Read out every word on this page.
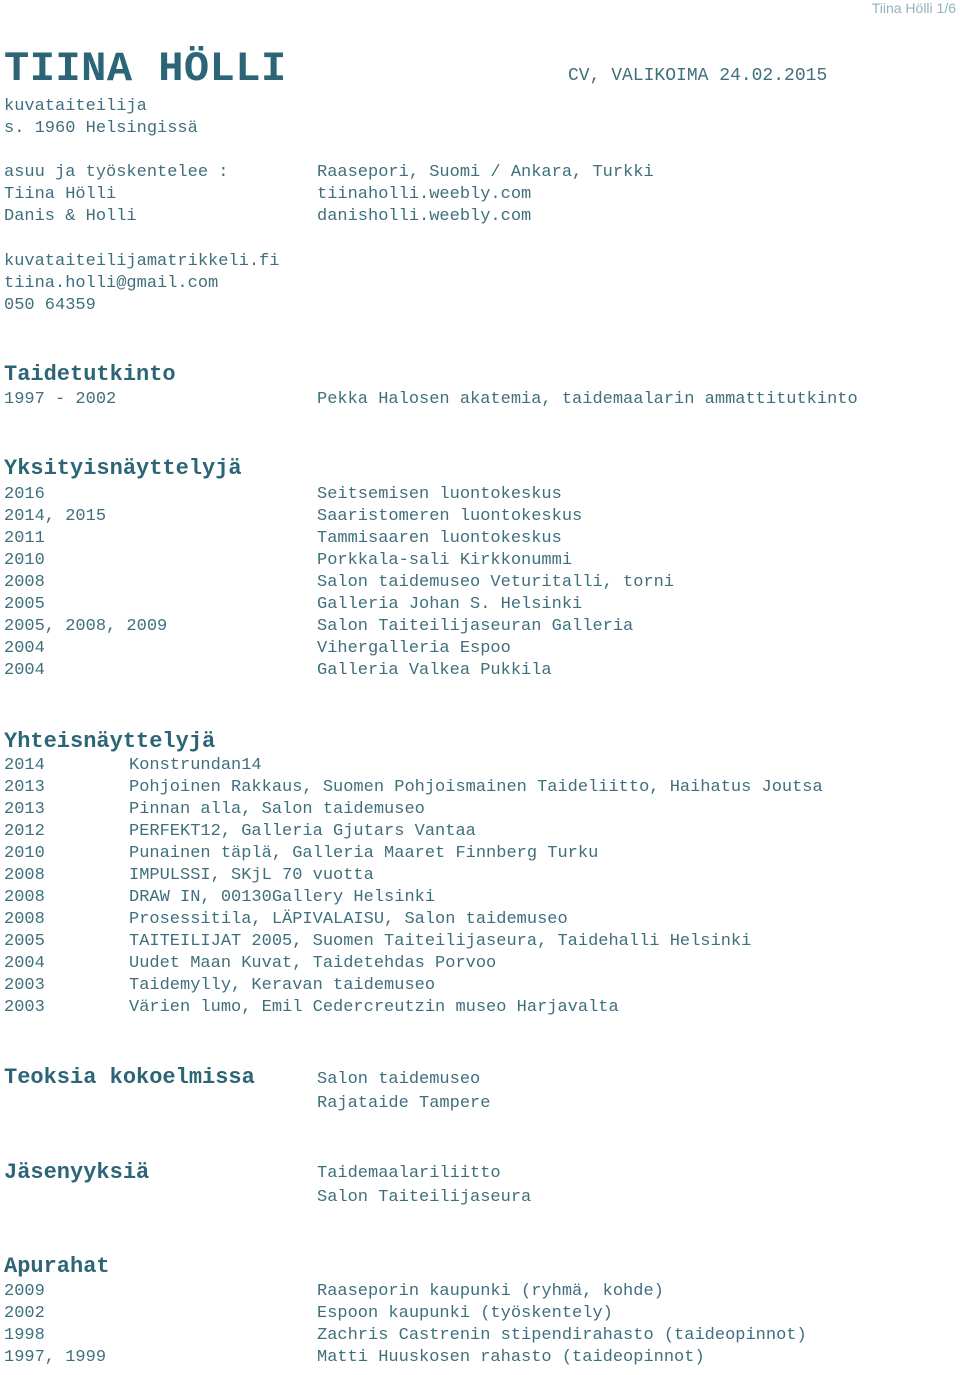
Tiina Hölli 1/6
TIINA HÖLLI	CV, VALIKOIMA 24.02.2015
kuvataiteilija
s. 1960 Helsingissä
asuu ja työskentelee :	Raasepori, Suomi / Ankara, Turkki
Tiina Hölli	tiinaholli.weebly.com
Danis & Holli	danisholli.weebly.com
kuvataiteilijamatrikkeli.fi
tiina.holli@gmail.com
050 64359
Taidetutkinto
1997 - 2002	Pekka Halosen akatemia, taidemaalarin ammattitutkinto
Yksityisnäyttelyjä
2016	Seitsemisen luontokeskus
2014, 2015	Saaristomeren luontokeskus
2011	Tammisaaren luontokeskus
2010	Porkkala-sali Kirkkonummi
2008	Salon taidemuseo Veturitalli, torni
2005	Galleria Johan S. Helsinki
2005, 2008, 2009	Salon Taiteilijaseuran Galleria
2004	Vihergalleria Espoo
2004	Galleria Valkea Pukkila
Yhteisnäyttelyjä
2014	Konstrundan14
2013	Pohjoinen Rakkaus, Suomen Pohjoismainen Taideliitto, Haihatus Joutsa
2013	Pinnan alla, Salon taidemuseo
2012	PERFEKT12, Galleria Gjutars Vantaa
2010	Punainen täplä, Galleria Maaret Finnberg Turku
2008	IMPULSSI, SKjL 70 vuotta
2008	DRAW IN, 00130Gallery Helsinki
2008	Prosessitila, LÄPIVALAISU, Salon taidemuseo
2005	TAITEILIJAT 2005, Suomen Taiteilijaseura, Taidehalli Helsinki
2004	Uudet Maan Kuvat, Taidetehdas Porvoo
2003	Taidemylly, Keravan taidemuseo
2003	Värien lumo, Emil Cedercreutzin museo Harjavalta
Teoksia kokoelmissa	Salon taidemuseo
Rajataide Tampere
Jäsenyyksiä	Taidemaalariliitto
Salon Taiteilijaseura
Apurahat
2009	Raaseporin kaupunki (ryhmä, kohde)
2002	Espoon kaupunki (työskentely)
1998	Zachris Castrenin stipendirahasto (taideopinnot)
1997, 1999	Matti Huuskosen rahasto (taideopinnot)
